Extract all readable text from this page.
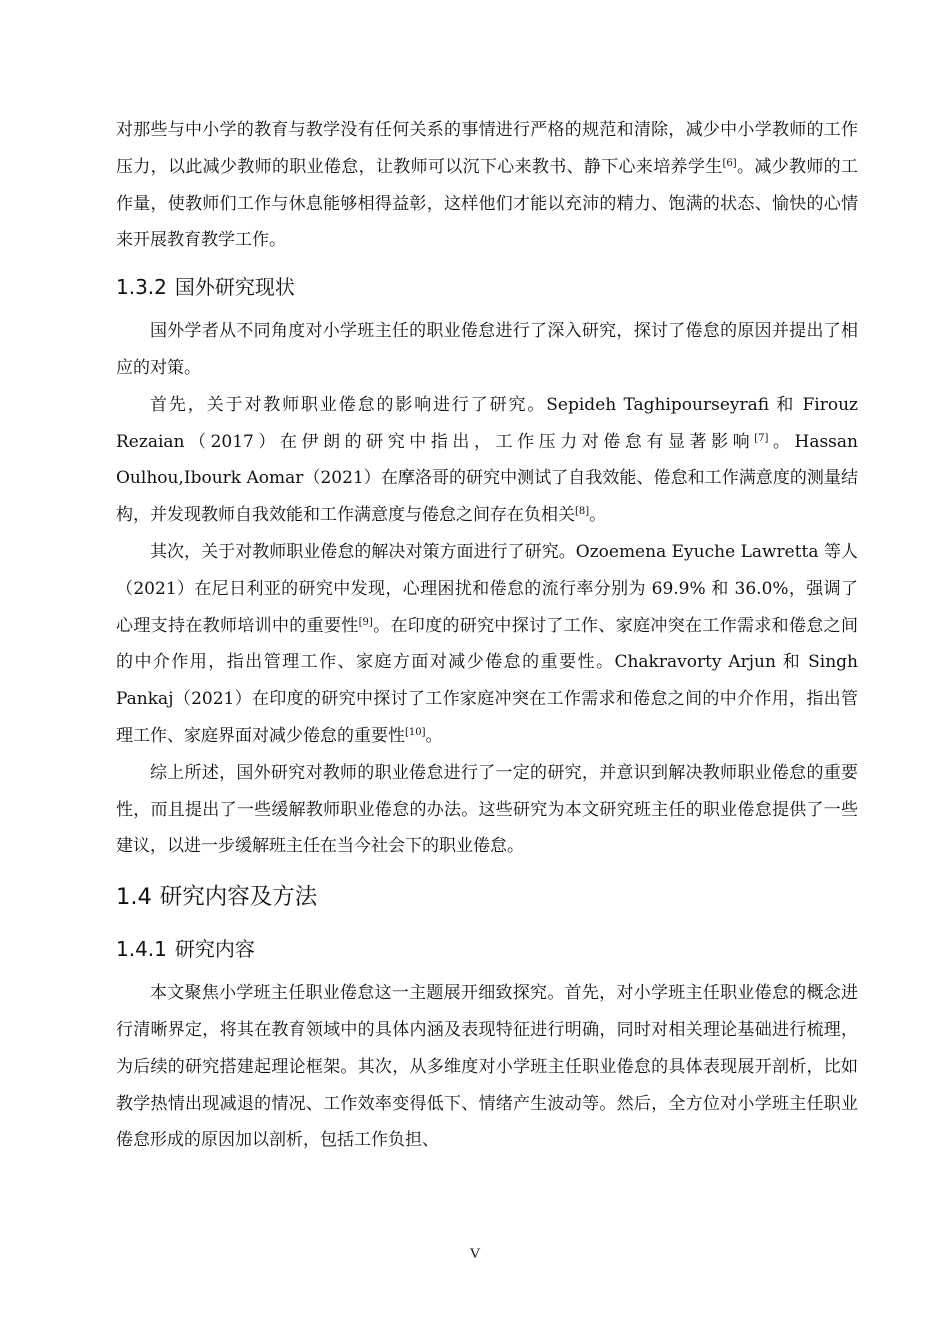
对那些与中小学的教育与教学没有任何关系的事情进行严格的规范和清除，减少中小学教师的工作压力，以此减少教师的职业倦怠，让教师可以沉下心来教书、静下心来培养学生[6]。减少教师的工作量，使教师们工作与休息能够相得益彰，这样他们才能以充沛的精力、饱满的状态、愉快的心情来开展教育教学工作。

1.3.2 国外研究现状

国外学者从不同角度对小学班主任的职业倦怠进行了深入研究，探讨了倦怠的原因并提出了相应的对策。

首先，关于对教师职业倦怠的影响进行了研究。Sepideh Taghipourseyrafi 和 Firouz Rezaian（2017）在伊朗的研究中指出，工作压力对倦怠有显著影响[7]。Hassan Oulhou,Ibourk Aomar（2021）在摩洛哥的研究中测试了自我效能、倦怠和工作满意度的测量结构，并发现教师自我效能和工作满意度与倦怠之间存在负相关[8]。

其次，关于对教师职业倦怠的解决对策方面进行了研究。Ozoemena Eyuche Lawretta 等人（2021）在尼日利亚的研究中发现，心理困扰和倦怠的流行率分别为 69.9% 和 36.0%，强调了心理支持在教师培训中的重要性[9]。在印度的研究中探讨了工作、家庭冲突在工作需求和倦怠之间的中介作用，指出管理工作、家庭方面对减少倦怠的重要性。Chakravorty Arjun 和 Singh Pankaj（2021）在印度的研究中探讨了工作家庭冲突在工作需求和倦怠之间的中介作用，指出管理工作、家庭界面对减少倦怠的重要性[10]。

综上所述，国外研究对教师的职业倦怠进行了一定的研究，并意识到解决教师职业倦怠的重要性，而且提出了一些缓解教师职业倦怠的办法。这些研究为本文研究班主任的职业倦怠提供了一些建议，以进一步缓解班主任在当今社会下的职业倦怠。

1.4 研究内容及方法
1.4.1 研究内容

本文聚焦小学班主任职业倦怠这一主题展开细致探究。首先，对小学班主任职业倦怠的概念进行清晰界定，将其在教育领域中的具体内涵及表现特征进行明确，同时对相关理论基础进行梳理，为后续的研究搭建起理论框架。其次，从多维度对小学班主任职业倦怠的具体表现展开剖析，比如教学热情出现减退的情况、工作效率变得低下、情绪产生波动等。然后，全方位对小学班主任职业倦怠形成的原因加以剖析，包括工作负担、

V
